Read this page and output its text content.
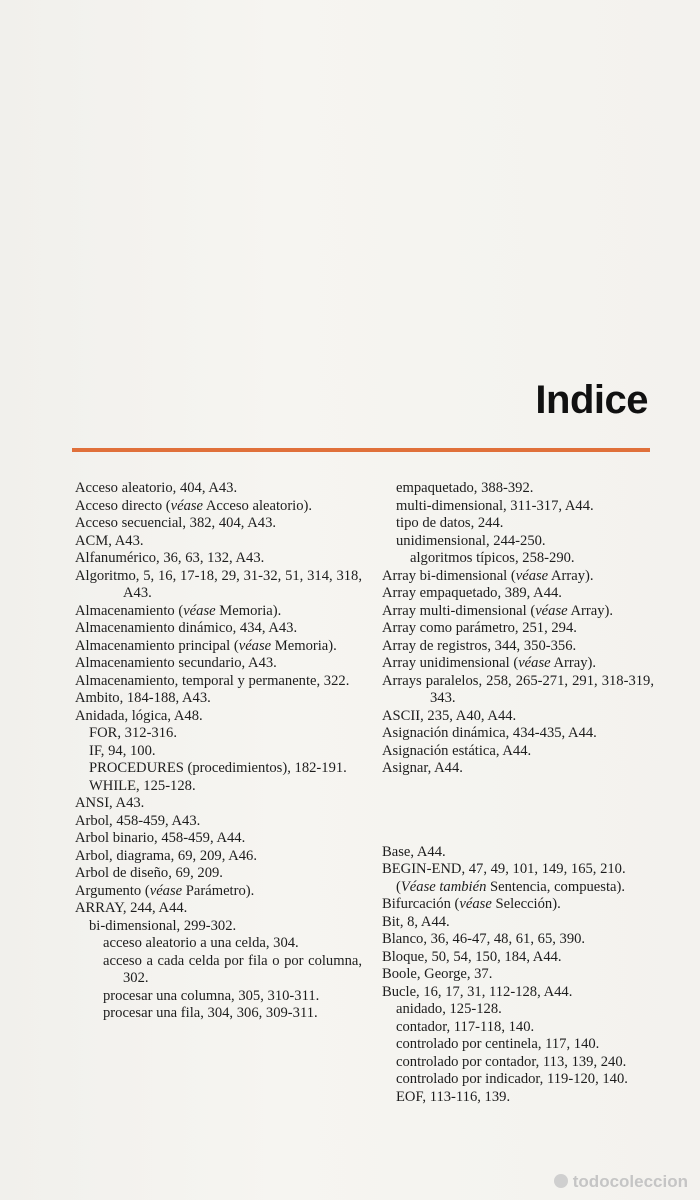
Indice
Acceso aleatorio, 404, A43.
Acceso directo (véase Acceso aleatorio).
Acceso secuencial, 382, 404, A43.
ACM, A43.
Alfanumérico, 36, 63, 132, A43.
Algoritmo, 5, 16, 17-18, 29, 31-32, 51, 314, 318, A43.
Almacenamiento (véase Memoria).
Almacenamiento dinámico, 434, A43.
Almacenamiento principal (véase Memoria).
Almacenamiento secundario, A43.
Almacenamiento, temporal y permanente, 322.
Ambito, 184-188, A43.
Anidada, lógica, A48.
FOR, 312-316.
IF, 94, 100.
PROCEDURES (procedimientos), 182-191.
WHILE, 125-128.
ANSI, A43.
Arbol, 458-459, A43.
Arbol binario, 458-459, A44.
Arbol, diagrama, 69, 209, A46.
Arbol de diseño, 69, 209.
Argumento (véase Parámetro).
ARRAY, 244, A44.
bi-dimensional, 299-302.
acceso aleatorio a una celda, 304.
acceso a cada celda por fila o por columna, 302.
procesar una columna, 305, 310-311.
procesar una fila, 304, 306, 309-311.
empaquetado, 388-392.
multi-dimensional, 311-317, A44.
tipo de datos, 244.
unidimensional, 244-250.
algoritmos típicos, 258-290.
Array bi-dimensional (véase Array).
Array empaquetado, 389, A44.
Array multi-dimensional (véase Array).
Array como parámetro, 251, 294.
Array de registros, 344, 350-356.
Array unidimensional (véase Array).
Arrays paralelos, 258, 265-271, 291, 318-319, 343.
ASCII, 235, A40, A44.
Asignación dinámica, 434-435, A44.
Asignación estática, A44.
Asignar, A44.
Base, A44.
BEGIN-END, 47, 49, 101, 149, 165, 210.
(Véase también Sentencia, compuesta).
Bifurcación (véase Selección).
Bit, 8, A44.
Blanco, 36, 46-47, 48, 61, 65, 390.
Bloque, 50, 54, 150, 184, A44.
Boole, George, 37.
Bucle, 16, 17, 31, 112-128, A44.
anidado, 125-128.
contador, 117-118, 140.
controlado por centinela, 117, 140.
controlado por contador, 113, 139, 240.
controlado por indicador, 119-120, 140.
EOF, 113-116, 139.
todocoleccion
